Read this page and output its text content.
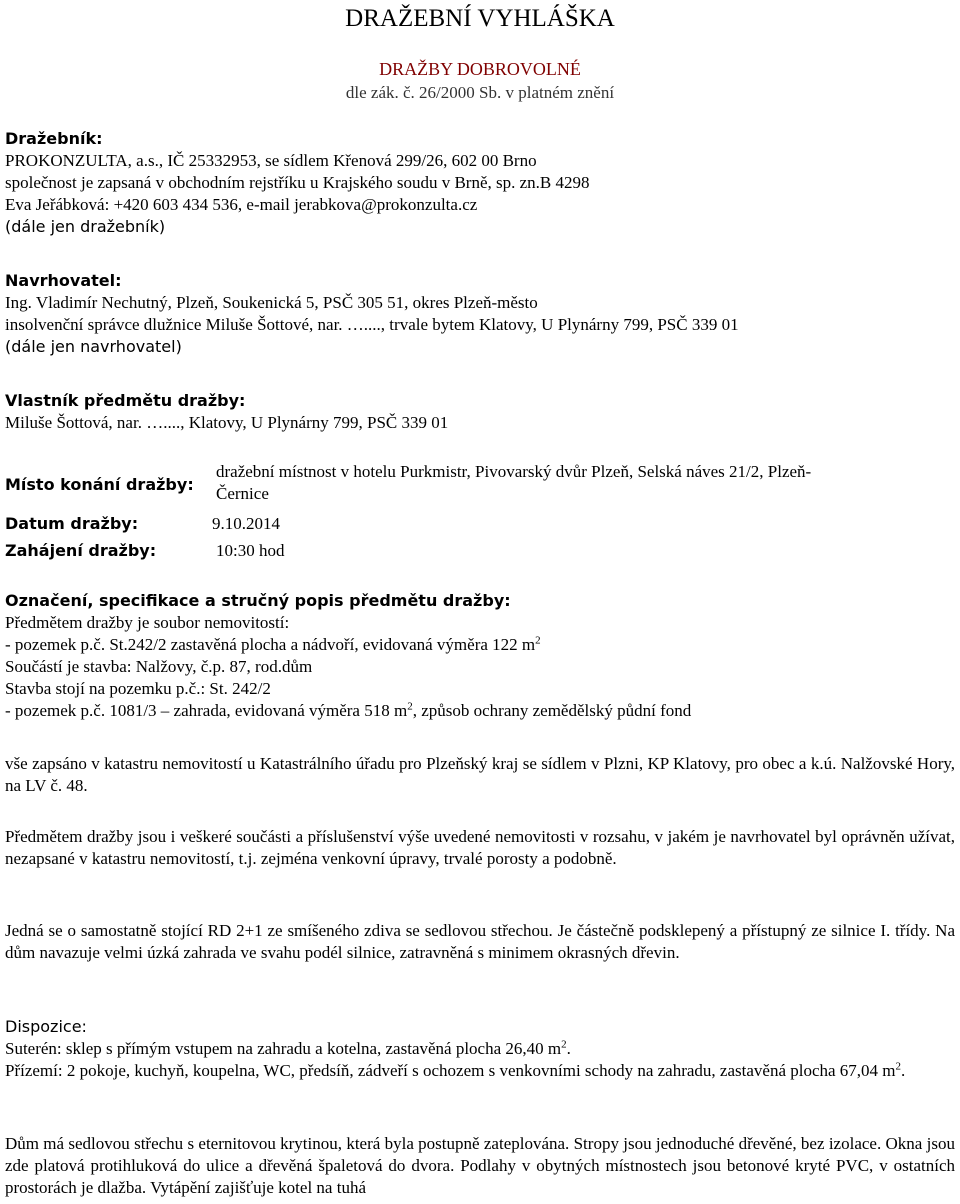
DRAŽEBNÍ VYHLÁŠKA
DRAŽBY DOBROVOLNÉ
dle zák. č. 26/2000 Sb. v platném znění
Dražebník:
PROKONZULTA, a.s., IČ 25332953, se sídlem Křenová 299/26, 602 00 Brno
společnost je zapsaná v obchodním rejstříku u Krajského soudu v Brně, sp. zn.B 4298
Eva Jeřábková: +420 603 434 536, e-mail jerabkova@prokonzulta.cz
(dále jen dražebník)
Navrhovatel:
Ing. Vladimír Nechutný, Plzeň, Soukenická 5, PSČ 305 51, okres Plzeň-město
insolvenční správce dlužnice Miluše Šottové, nar. …...., trvale bytem Klatovy, U Plynárny 799, PSČ 339 01
(dále jen navrhovatel)
Vlastník předmětu dražby:
Miluše Šottová, nar. …...., Klatovy, U Plynárny 799, PSČ 339 01
Místo konání dražby:
dražební místnost v hotelu Purkmistr, Pivovarský dvůr Plzeň, Selská náves 21/2, Plzeň-
Černice
Datum dražby:	9.10.2014
Zahájení dražby:	10:30 hod
Označení, specifikace a stručný popis předmětu dražby:
Předmětem dražby je soubor nemovitostí:
- pozemek p.č. St.242/2 zastavěná plocha a nádvoří, evidovaná výměra 122 $m^2$
Součástí je stavba: Nalžovy, č.p. 87, rod.dům
Stavba stojí na pozemku p.č.: St. 242/2
- pozemek p.č. 1081/3 – zahrada, evidovaná výměra 518 $m^2$, způsob ochrany zemědělský půdní fond
vše zapsáno v katastru nemovitostí u Katastrálního úřadu pro Plzeňský kraj se sídlem v Plzni, KP Klatovy, pro obec a k.ú. Nalžovské Hory, na LV č. 48.
Předmětem dražby jsou i veškeré součásti a příslušenství výše uvedené nemovitosti v rozsahu, v jakém je navrhovatel byl oprávněn užívat, nezapsané v katastru nemovitostí, t.j. zejména venkovní úpravy, trvalé porosty a podobně.
Jedná se o samostatně stojící RD 2+1 ze smíšeného zdiva se sedlovou střechou. Je částečně podsklepený a přístupný ze silnice I. třídy. Na dům navazuje velmi úzká zahrada ve svahu podél silnice, zatravněná s minimem okrasných dřevin.
Dispozice:
Suterén: sklep s přímým vstupem na zahradu a kotelna, zastavěná plocha 26,40 $m^2$.
Přízemí: 2 pokoje, kuchyň, koupelna, WC, předsíň, zádveří s ochozem s venkovními schody na zahradu, zastavěná plocha 67,04 $m^2$.
Dům má sedlovou střechu s eternitovou krytinou, která byla postupně zateplována. Stropy jsou jednoduché dřevěné, bez izolace. Okna jsou zde platová protihluková do ulice a dřevěná špaletová do dvora. Podlahy v obytných místnostech jsou betonové kryté PVC, v ostatních prostorách je dlažba. Vytápění zajišťuje kotel na tuhá
